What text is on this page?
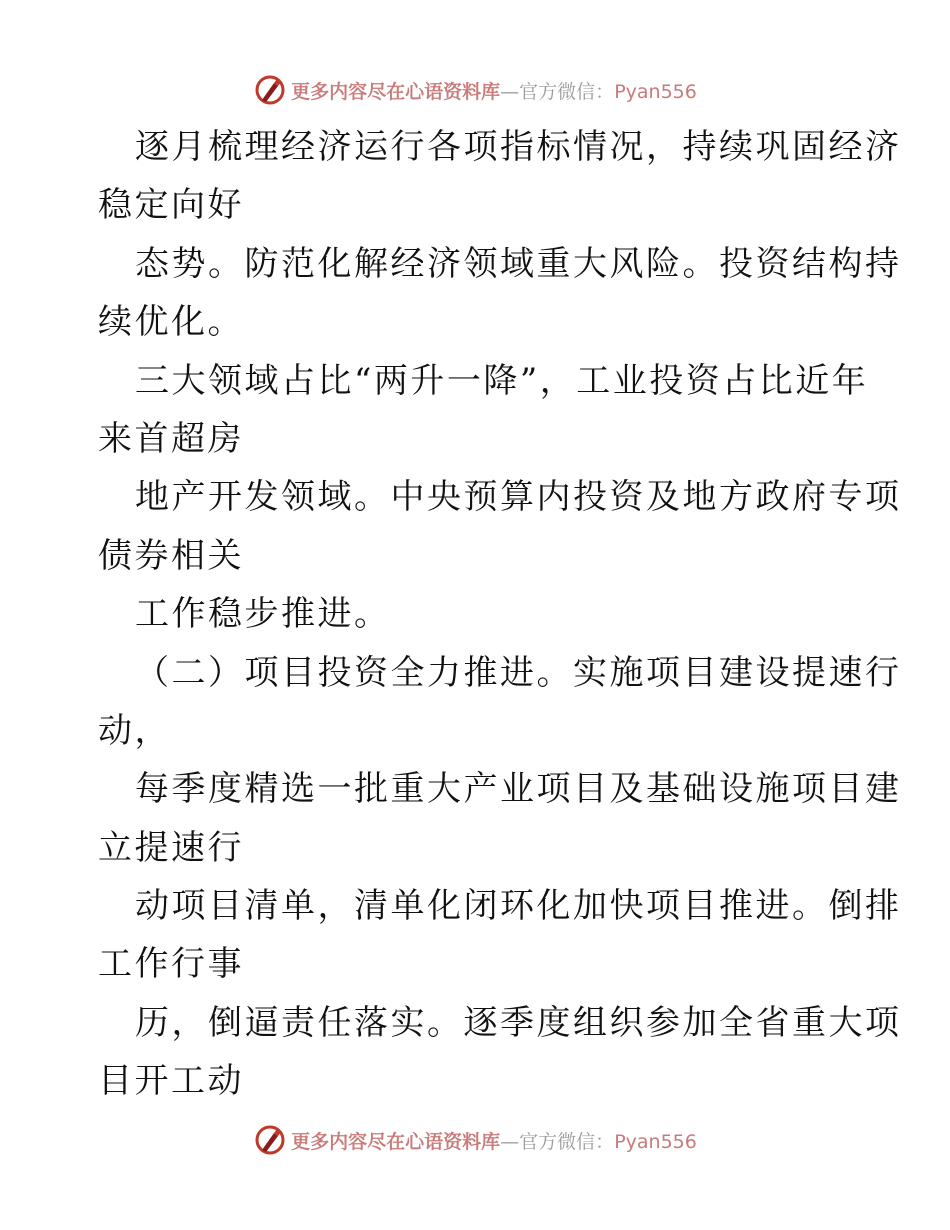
更多内容尽在心语资料库—官方微信：Pyan556
逐月梳理经济运行各项指标情况，持续巩固经济
稳定向好
态势。防范化解经济领域重大风险。投资结构持
续优化。
三大领域占比“两升一降”，工业投资占比近年
来首超房
地产开发领域。中央预算内投资及地方政府专项
债券相关
工作稳步推进。
（二）项目投资全力推进。实施项目建设提速行
动，
每季度精选一批重大产业项目及基础设施项目建
立提速行
动项目清单，清单化闭环化加快项目推进。倒排
工作行事
历，倒逼责任落实。逐季度组织参加全省重大项
目开工动
更多内容尽在心语资料库—官方微信：Pyan556
